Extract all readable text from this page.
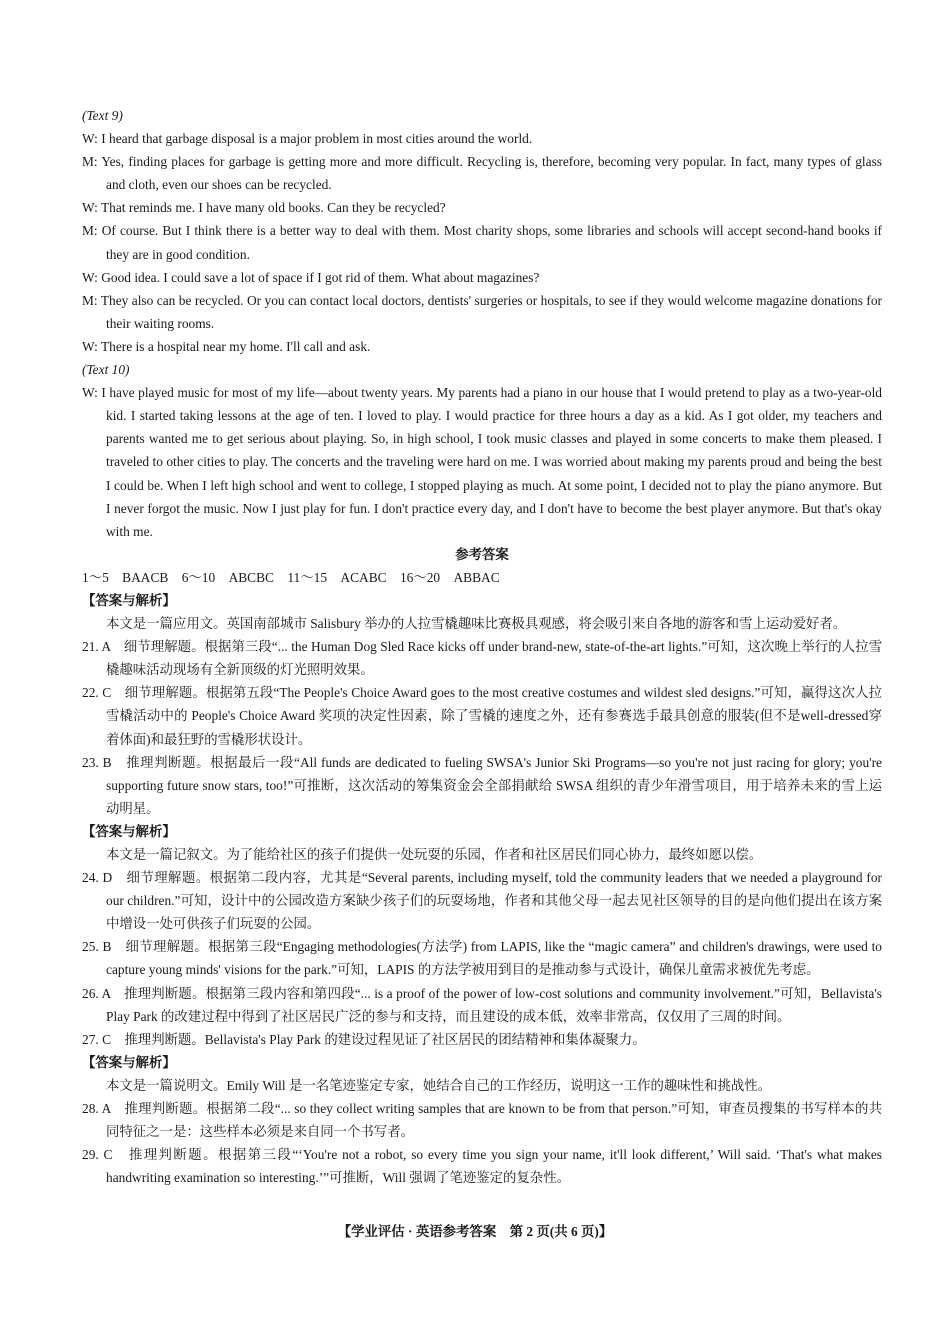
(Text 9)

W: I heard that garbage disposal is a major problem in most cities around the world.

M: Yes, finding places for garbage is getting more and more difficult. Recycling is, therefore, becoming very popular. In fact, many types of glass and cloth, even our shoes can be recycled.

W: That reminds me. I have many old books. Can they be recycled?

M: Of course. But I think there is a better way to deal with them. Most charity shops, some libraries and schools will accept second-hand books if they are in good condition.

W: Good idea. I could save a lot of space if I got rid of them. What about magazines?

M: They also can be recycled. Or you can contact local doctors, dentists' surgeries or hospitals, to see if they would welcome magazine donations for their waiting rooms.

W: There is a hospital near my home. I'll call and ask.

(Text 10)

W: I have played music for most of my life—about twenty years. My parents had a piano in our house that I would pretend to play as a two-year-old kid. I started taking lessons at the age of ten. I loved to play. I would practice for three hours a day as a kid. As I got older, my teachers and parents wanted me to get serious about playing. So, in high school, I took music classes and played in some concerts to make them pleased. I traveled to other cities to play. The concerts and the traveling were hard on me. I was worried about making my parents proud and being the best I could be. When I left high school and went to college, I stopped playing as much. At some point, I decided not to play the piano anymore. But I never forgot the music. Now I just play for fun. I don't practice every day, and I don't have to become the best player anymore. But that's okay with me.

参考答案

1～5　BAACB　6～10　ABCBC　11～15　ACABC　16～20　ABBAC

【答案与解析】

本文是一篇应用文。英国南部城市 Salisbury 举办的人拉雪橇趣味比赛极具观感，将会吸引来自各地的游客和雪上运动爱好者。

21. A　细节理解题。根据第三段“... the Human Dog Sled Race kicks off under brand-new, state-of-the-art lights.”可知，这次晚上举行的人拉雪橇趣味活动现场有全新顶级的灯光照明效果。

22. C　细节理解题。根据第五段“The People's Choice Award goes to the most creative costumes and wildest sled designs.”可知，赢得这次人拉雪橇活动中的 People's Choice Award 奖项的决定性因素，除了雪橇的速度之外，还有参赛选手最具创意的服装(但不是well-dressed穿着体面)和最狂野的雪橇形状设计。

23. B　推理判断题。根据最后一段“All funds are dedicated to fueling SWSA's Junior Ski Programs—so you're not just racing for glory; you're supporting future snow stars, too!”可推断，这次活动的筹集资金会全部捐献给 SWSA 组织的青少年滑雪项目，用于培养未来的雪上运动明星。

【答案与解析】

本文是一篇记叙文。为了能给社区的孩子们提供一处玩耍的乐园，作者和社区居民们同心协力，最终如愿以偿。

24. D　细节理解题。根据第二段内容，尤其是“Several parents, including myself, told the community leaders that we needed a playground for our children.”可知，设计中的公园改造方案缺少孩子们的玩耍场地，作者和其他父母一起去见社区领导的目的是向他们提出在该方案中增设一处可供孩子们玩耍的公园。

25. B　细节理解题。根据第三段“Engaging methodologies(方法学) from LAPIS, like the “magic camera” and children's drawings, were used to capture young minds' visions for the park.”可知，LAPIS 的方法学被用到目的是推动参与式设计，确保儿童需求被优先考虑。

26. A　推理判断题。根据第三段内容和第四段“... is a proof of the power of low-cost solutions and community involvement.”可知，Bellavista's Play Park 的改建过程中得到了社区居民广泛的参与和支持，而且建设的成本低，效率非常高，仅仅用了三周的时间。

27. C　推理判断题。Bellavista's Play Park 的建设过程见证了社区居民的团结精神和集体凝聚力。

【答案与解析】

本文是一篇说明文。Emily Will 是一名笔迹鉴定专家，她结合自己的工作经历，说明这一工作的趣味性和挑战性。

28. A　推理判断题。根据第二段“... so they collect writing samples that are known to be from that person.”可知，审查员搜集的书写样本的共同特征之一是：这些样本必须是来自同一个书写者。

29. C　推理判断题。根据第三段“‘You're not a robot, so every time you sign your name, it'll look different,’ Will said. ‘That's what makes handwriting examination so interesting.’”可推断，Will 强调了笔迹鉴定的复杂性。

【学业评估 · 英语参考答案　第 2 页(共 6 页)】
